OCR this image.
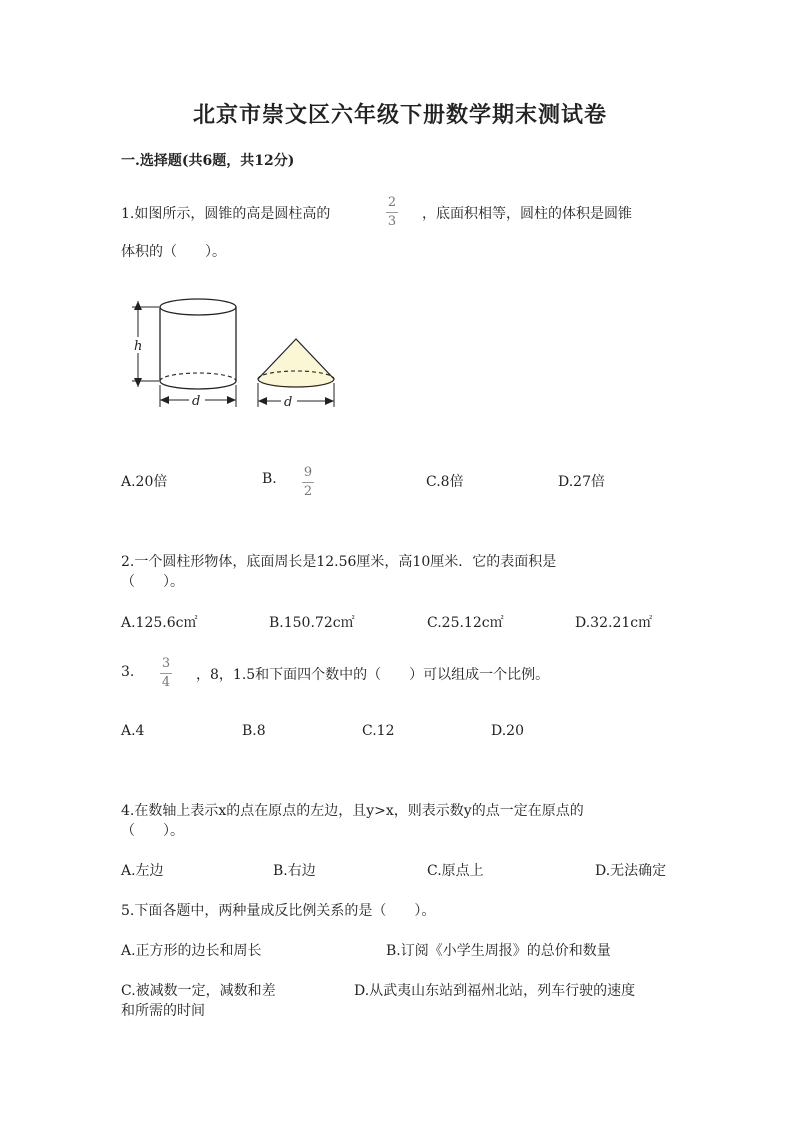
北京市崇文区六年级下册数学期末测试卷
一.选择题(共6题，共12分)
1.如图所示，圆锥的高是圆柱高的
2
3 ，底面积相等，圆柱的体积是圆锥
体积的（　　）。
h
d	d
A.20倍	B. 9
2
C.8倍	D.27倍
2.一个圆柱形物体，底面周长是12.56厘米，高10厘米．它的表面积是
（　　）。
A.125.6c㎡	B.150.72c㎡	C.25.12c㎡	D.32.21c㎡
3.
3
4 ，8，1.5和下面四个数中的（　　）可以组成一个比例。
A.4	B.8	C.12	D.20
4.在数轴上表示x的点在原点的左边，且y>x，则表示数y的点一定在原点的
（　　）。
A.左边	B.右边	C.原点上	D.无法确定
5.下面各题中，两种量成反比例关系的是（　　）。
A.正方形的边长和周长	B.订阅《小学生周报》的总价和数量
C.被减数一定，减数和差	D.从武夷山东站到福州北站，列车行驶的速度
和所需的时间
